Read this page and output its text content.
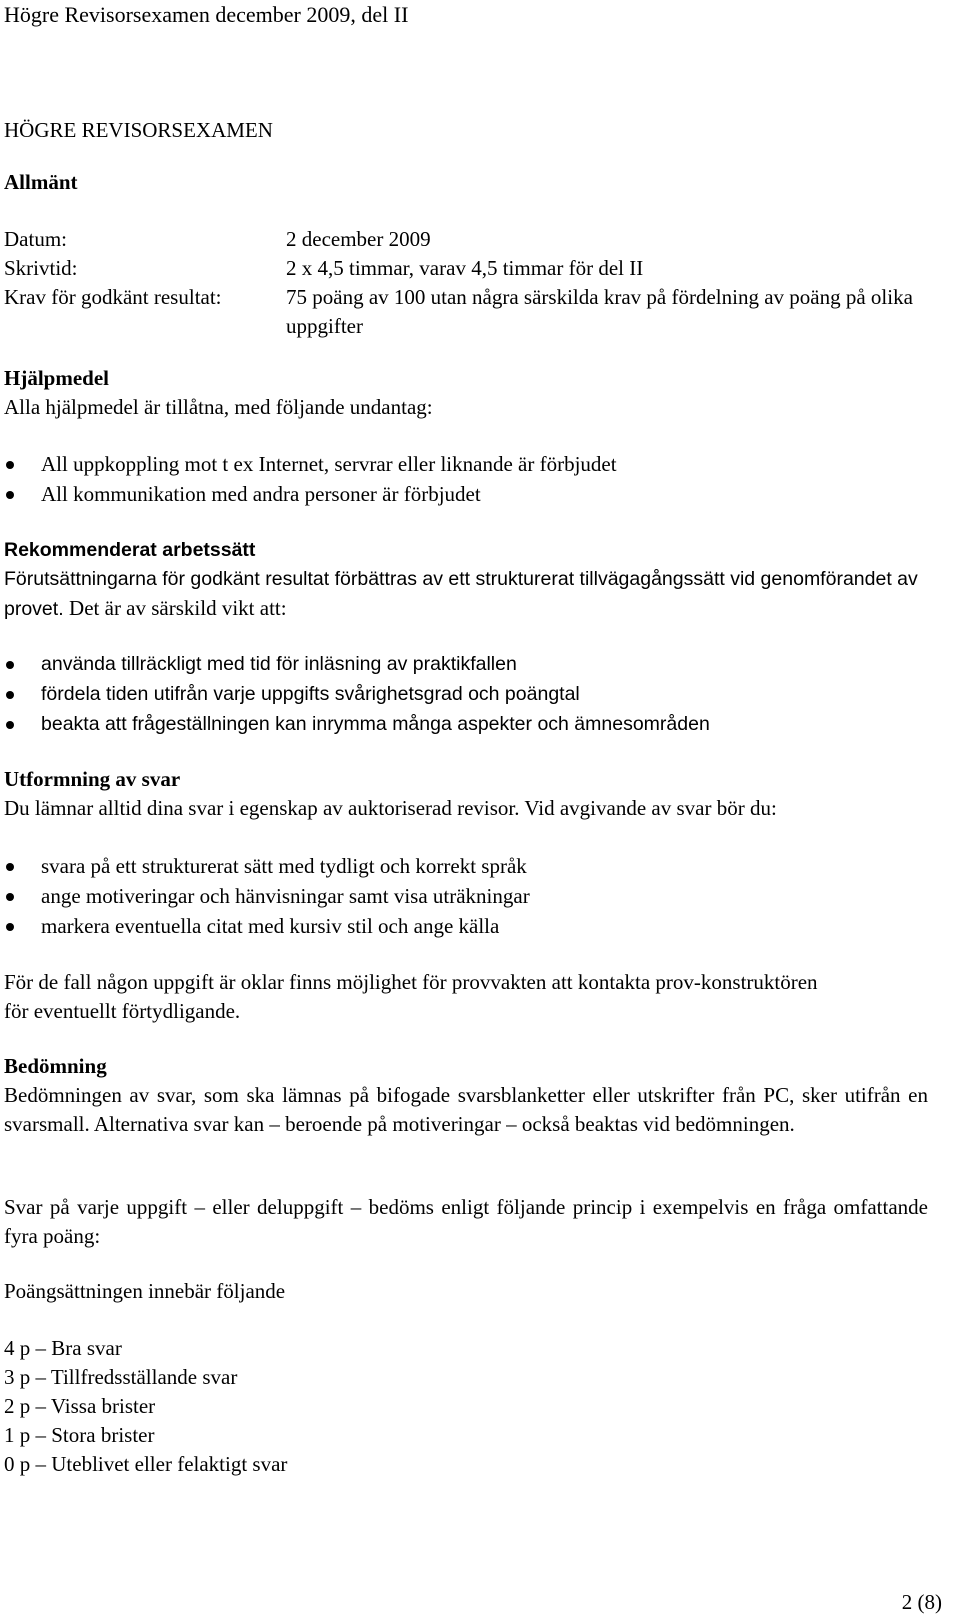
Högre Revisorsexamen december 2009, del II
HÖGRE REVISORSEXAMEN
Allmänt
Datum:	2 december 2009
Skrivtid:	2 x 4,5 timmar, varav 4,5 timmar för del II
Krav för godkänt resultat:	75 poäng av 100 utan några särskilda krav på fördelning av poäng på olika uppgifter
Hjälpmedel
Alla hjälpmedel är tillåtna, med följande undantag:
All uppkoppling mot t ex Internet, servrar eller liknande är förbjudet
All kommunikation med andra personer är förbjudet
Rekommenderat arbetssätt
Förutsättningarna för godkänt resultat förbättras av ett strukturerat tillvägagångssätt vid genomförandet av provet. Det är av särskild vikt att:
använda tillräckligt med tid för inläsning av praktikfallen
fördela tiden utifrån varje uppgifts svårighetsgrad och poängtal
beakta att frågeställningen kan inrymma många aspekter och ämnesområden
Utformning av svar
Du lämnar alltid dina svar i egenskap av auktoriserad revisor. Vid avgivande av svar bör du:
svara på ett strukturerat sätt med tydligt och korrekt språk
ange motiveringar och hänvisningar samt visa uträkningar
markera eventuella citat med kursiv stil och ange källa
För de fall någon uppgift är oklar finns möjlighet för provvakten att kontakta prov-konstruktören för eventuellt förtydligande.
Bedömning
Bedömningen av svar, som ska lämnas på bifogade svarsblanketter eller utskrifter från PC, sker utifrån en svarsmall. Alternativa svar kan – beroende på motiveringar – också beaktas vid bedömningen.
Svar på varje uppgift – eller deluppgift – bedöms enligt följande princip i exempelvis en fråga omfattande fyra poäng:
Poängsättningen innebär följande
4 p – Bra svar
3 p – Tillfredsställande svar
2 p – Vissa brister
1 p – Stora brister
0 p – Uteblivet eller felaktigt svar
2 (8)
